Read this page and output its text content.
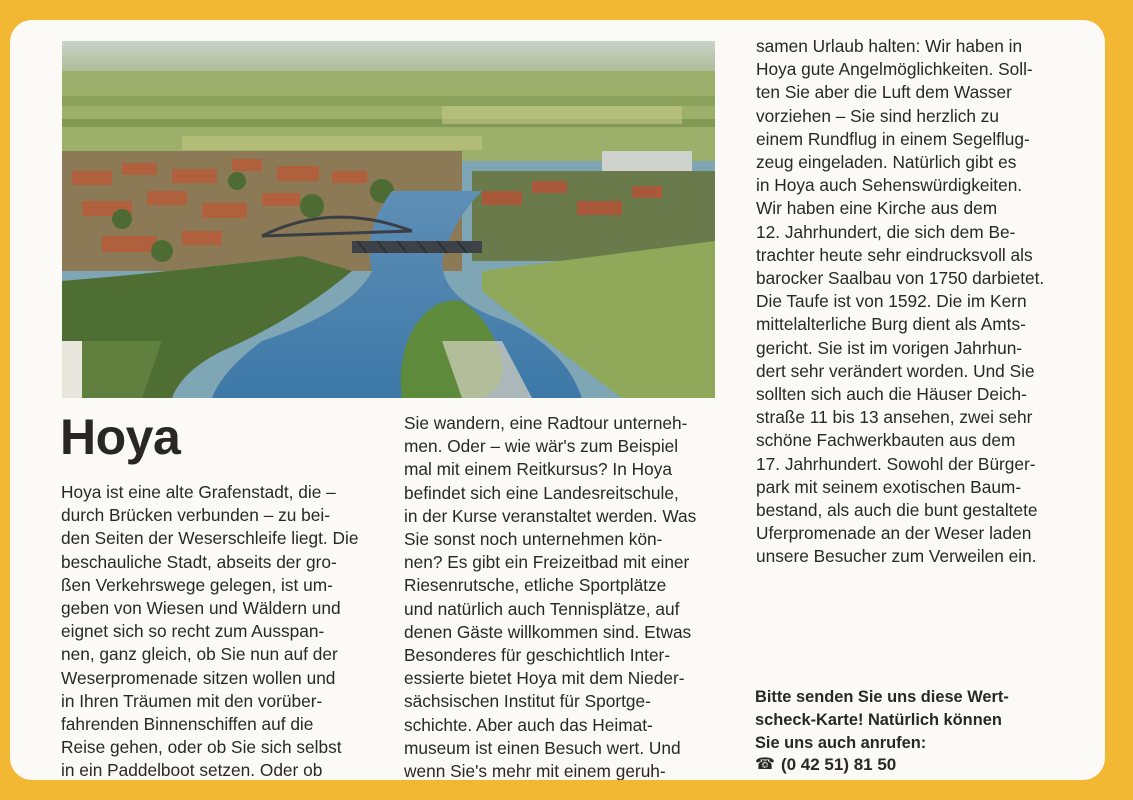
Hoya

Hoya ist eine alte Grafenstadt, die –
durch Brücken verbunden – zu bei-
den Seiten der Weserschleife liegt. Die
beschauliche Stadt, abseits der gro-
ßen Verkehrswege gelegen, ist um-
geben von Wiesen und Wäldern und
eignet sich so recht zum Ausspan-
nen, ganz gleich, ob Sie nun auf der
Weserpromenade sitzen wollen und
in Ihren Träumen mit den vorüber-
fahrenden Binnenschiffen auf die
Reise gehen, oder ob Sie sich selbst
in ein Paddelboot setzen. Oder ob

Sie wandern, eine Radtour unterneh-
men. Oder – wie wär's zum Beispiel
mal mit einem Reitkursus? In Hoya
befindet sich eine Landesreitschule,
in der Kurse veranstaltet werden. Was
Sie sonst noch unternehmen kön-
nen? Es gibt ein Freizeitbad mit einer
Riesenrutsche, etliche Sportplätze
und natürlich auch Tennisplätze, auf
denen Gäste willkommen sind. Etwas
Besonderes für geschichtlich Inter-
essierte bietet Hoya mit dem Nieder-
sächsischen Institut für Sportge-
schichte. Aber auch das Heimat-
museum ist einen Besuch wert. Und
wenn Sie's mehr mit einem geruh-

samen Urlaub halten: Wir haben in
Hoya gute Angelmöglichkeiten. Soll-
ten Sie aber die Luft dem Wasser
vorziehen – Sie sind herzlich zu
einem Rundflug in einem Segelflug-
zeug eingeladen. Natürlich gibt es
in Hoya auch Sehenswürdigkeiten.
Wir haben eine Kirche aus dem
12. Jahrhundert, die sich dem Be-
trachter heute sehr eindrucksvoll als
barocker Saalbau von 1750 darbietet.
Die Taufe ist von 1592. Die im Kern
mittelalterliche Burg dient als Amts-
gericht. Sie ist im vorigen Jahrhun-
dert sehr verändert worden. Und Sie
sollten sich auch die Häuser Deich-
straße 11 bis 13 ansehen, zwei sehr
schöne Fachwerkbauten aus dem
17. Jahrhundert. Sowohl der Bürger-
park mit seinem exotischen Baum-
bestand, als auch die bunt gestaltete
Uferpromenade an der Weser laden
unsere Besucher zum Verweilen ein.

Bitte senden Sie uns diese Wert-
scheck-Karte! Natürlich können
Sie uns auch anrufen:

☎ (0 42 51) 81 50
